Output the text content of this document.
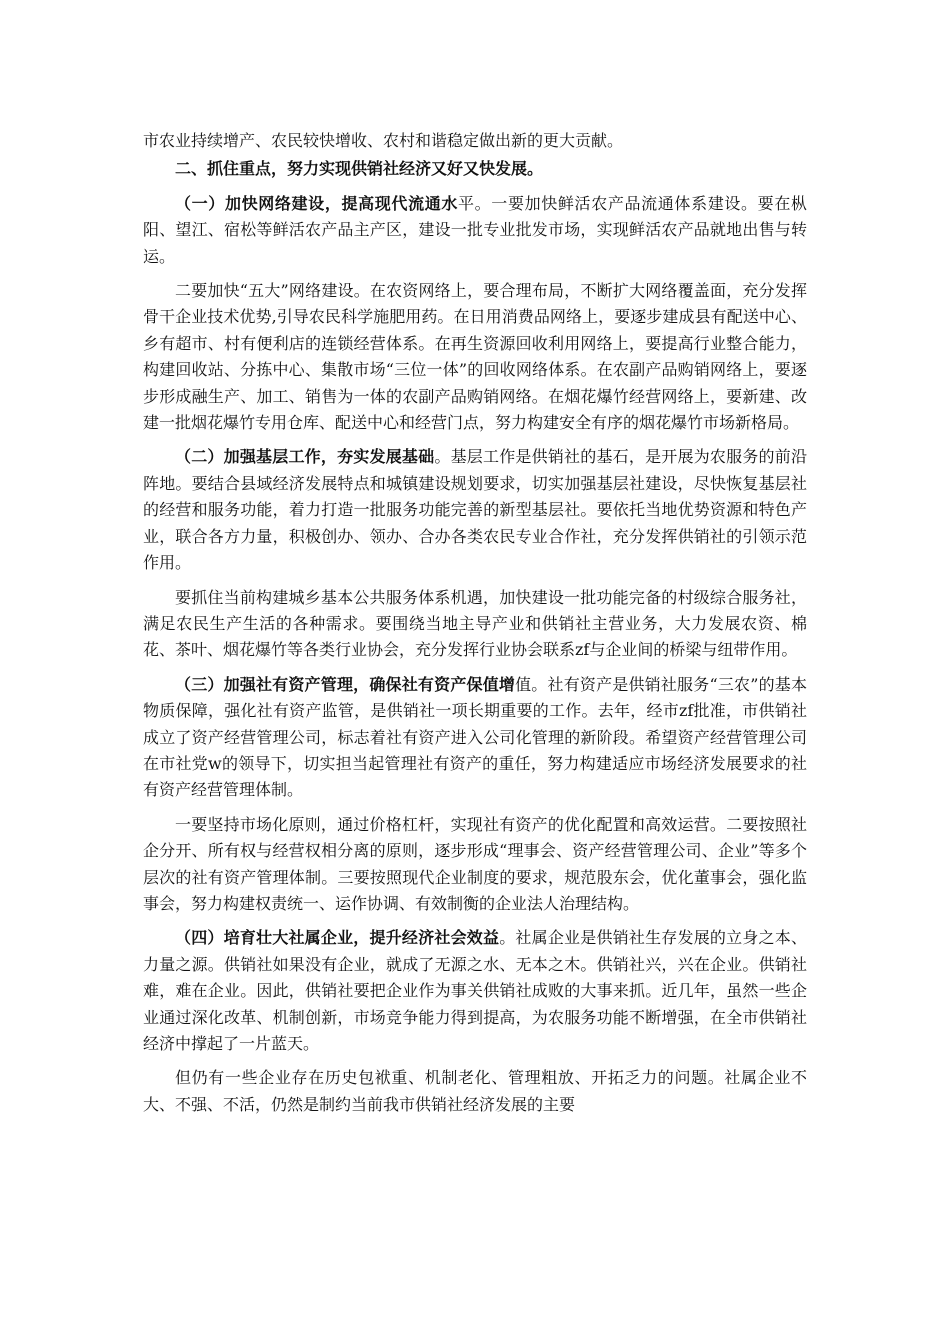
市农业持续增产、农民较快增收、农村和谐稳定做出新的更大贡献。

二、抓住重点，努力实现供销社经济又好又快发展。

（一）加快网络建设，提高现代流通水平。一要加快鲜活农产品流通体系建设。要在枞阳、望江、宿松等鲜活农产品主产区，建设一批专业批发市场，实现鲜活农产品就地出售与转运。

二要加快“五大”网络建设。在农资网络上，要合理布局，不断扩大网络覆盖面，充分发挥骨干企业技术优势,引导农民科学施肥用药。在日用消费品网络上，要逐步建成县有配送中心、乡有超市、村有便利店的连锁经营体系。在再生资源回收利用网络上，要提高行业整合能力，构建回收站、分拣中心、集散市场“三位一体”的回收网络体系。在农副产品购销网络上，要逐步形成融生产、加工、销售为一体的农副产品购销网络。在烟花爆竹经营网络上，要新建、改建一批烟花爆竹专用仓库、配送中心和经营门点，努力构建安全有序的烟花爆竹市场新格局。

（二）加强基层工作，夯实发展基础。基层工作是供销社的基石，是开展为农服务的前沿阵地。要结合县域经济发展特点和城镇建设规划要求，切实加强基层社建设，尽快恢复基层社的经营和服务功能，着力打造一批服务功能完善的新型基层社。要依托当地优势资源和特色产业，联合各方力量，积极创办、领办、合办各类农民专业合作社，充分发挥供销社的引领示范作用。

要抓住当前构建城乡基本公共服务体系机遇，加快建设一批功能完备的村级综合服务社，满足农民生产生活的各种需求。要围绕当地主导产业和供销社主营业务，大力发展农资、棉花、茶叶、烟花爆竹等各类行业协会，充分发挥行业协会联系zf与企业间的桥梁与纽带作用。

（三）加强社有资产管理，确保社有资产保值增值。社有资产是供销社服务“三农”的基本物质保障，强化社有资产监管，是供销社一项长期重要的工作。去年，经市zf批准，市供销社成立了资产经营管理公司，标志着社有资产进入公司化管理的新阶段。希望资产经营管理公司在市社党w的领导下，切实担当起管理社有资产的重任，努力构建适应市场经济发展要求的社有资产经营管理体制。

一要坚持市场化原则，通过价格杠杆，实现社有资产的优化配置和高效运营。二要按照社企分开、所有权与经营权相分离的原则，逐步形成“理事会、资产经营管理公司、企业”等多个层次的社有资产管理体制。三要按照现代企业制度的要求，规范股东会，优化董事会，强化监事会，努力构建权责统一、运作协调、有效制衡的企业法人治理结构。

（四）培育壮大社属企业，提升经济社会效益。社属企业是供销社生存发展的立身之本、力量之源。供销社如果没有企业，就成了无源之水、无本之木。供销社兴，兴在企业。供销社难，难在企业。因此，供销社要把企业作为事关供销社成败的大事来抓。近几年，虽然一些企业通过深化改革、机制创新，市场竞争能力得到提高，为农服务功能不断增强，在全市供销社经济中撑起了一片蓝天。

但仍有一些企业存在历史包袱重、机制老化、管理粗放、开拓乏力的问题。社属企业不大、不强、不活，仍然是制约当前我市供销社经济发展的主要
